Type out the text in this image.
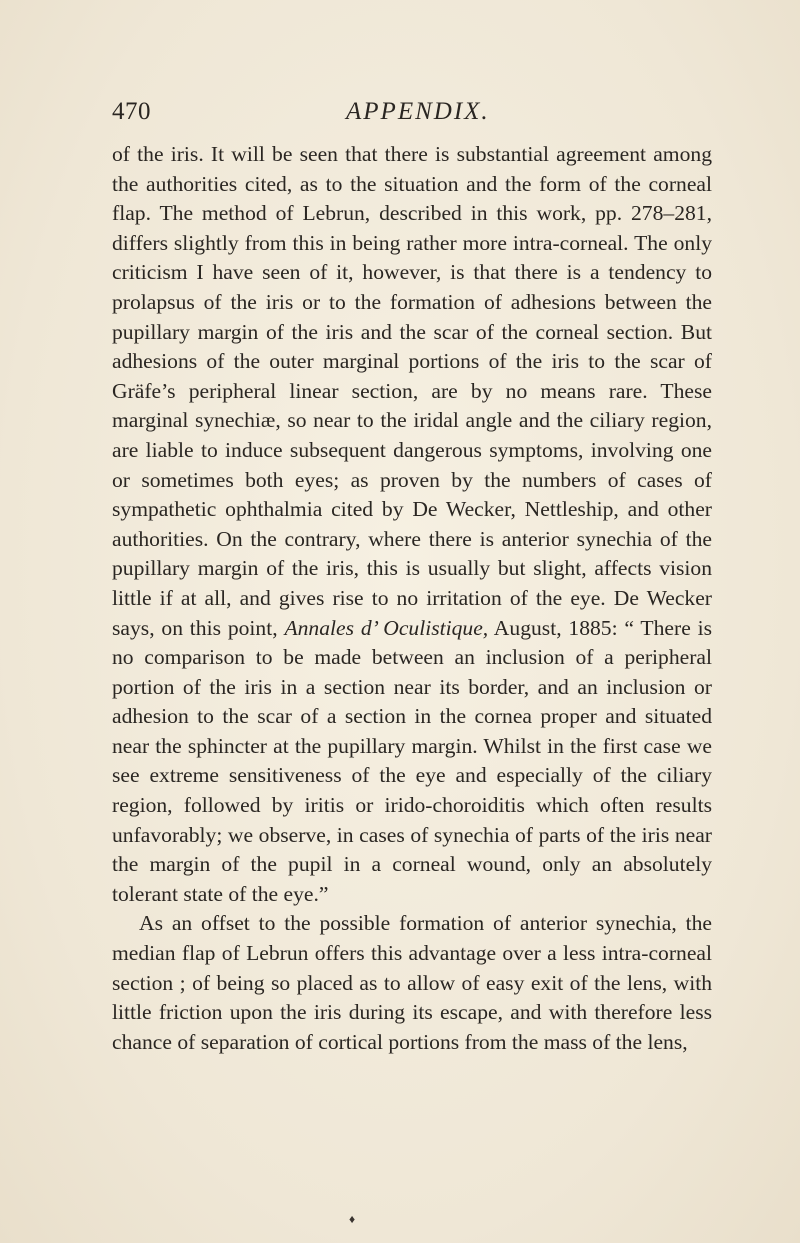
470	APPENDIX.

of the iris. It will be seen that there is substantial agreement among the authorities cited, as to the situation and the form of the corneal flap. The method of Lebrun, described in this work, pp. 278–281, differs slightly from this in being rather more intra-corneal. The only criticism I have seen of it, however, is that there is a tendency to prolapsus of the iris or to the formation of adhesions between the pupillary margin of the iris and the scar of the corneal section. But adhesions of the outer marginal portions of the iris to the scar of Gräfe’s peripheral linear section, are by no means rare. These marginal synechiæ, so near to the iridal angle and the ciliary region, are liable to induce subsequent dangerous symptoms, involving one or sometimes both eyes; as proven by the numbers of cases of sympathetic ophthalmia cited by De Wecker, Nettleship, and other authorities. On the contrary, where there is anterior synechia of the pupillary margin of the iris, this is usually but slight, affects vision little if at all, and gives rise to no irritation of the eye. De Wecker says, on this point, Annales d’ Oculistique, August, 1885: “ There is no comparison to be made between an inclusion of a peripheral portion of the iris in a section near its border, and an inclusion or adhesion to the scar of a section in the cornea proper and situated near the sphincter at the pupillary margin. Whilst in the first case we see extreme sensitiveness of the eye and especially of the ciliary region, followed by iritis or irido-choroiditis which often results unfavorably; we observe, in cases of synechia of parts of the iris near the margin of the pupil in a corneal wound, only an absolutely tolerant state of the eye.”

As an offset to the possible formation of anterior synechia, the median flap of Lebrun offers this advantage over a less intra-corneal section ; of being so placed as to allow of easy exit of the lens, with little friction upon the iris during its escape, and with therefore less chance of separation of cortical portions from the mass of the lens,

♦
